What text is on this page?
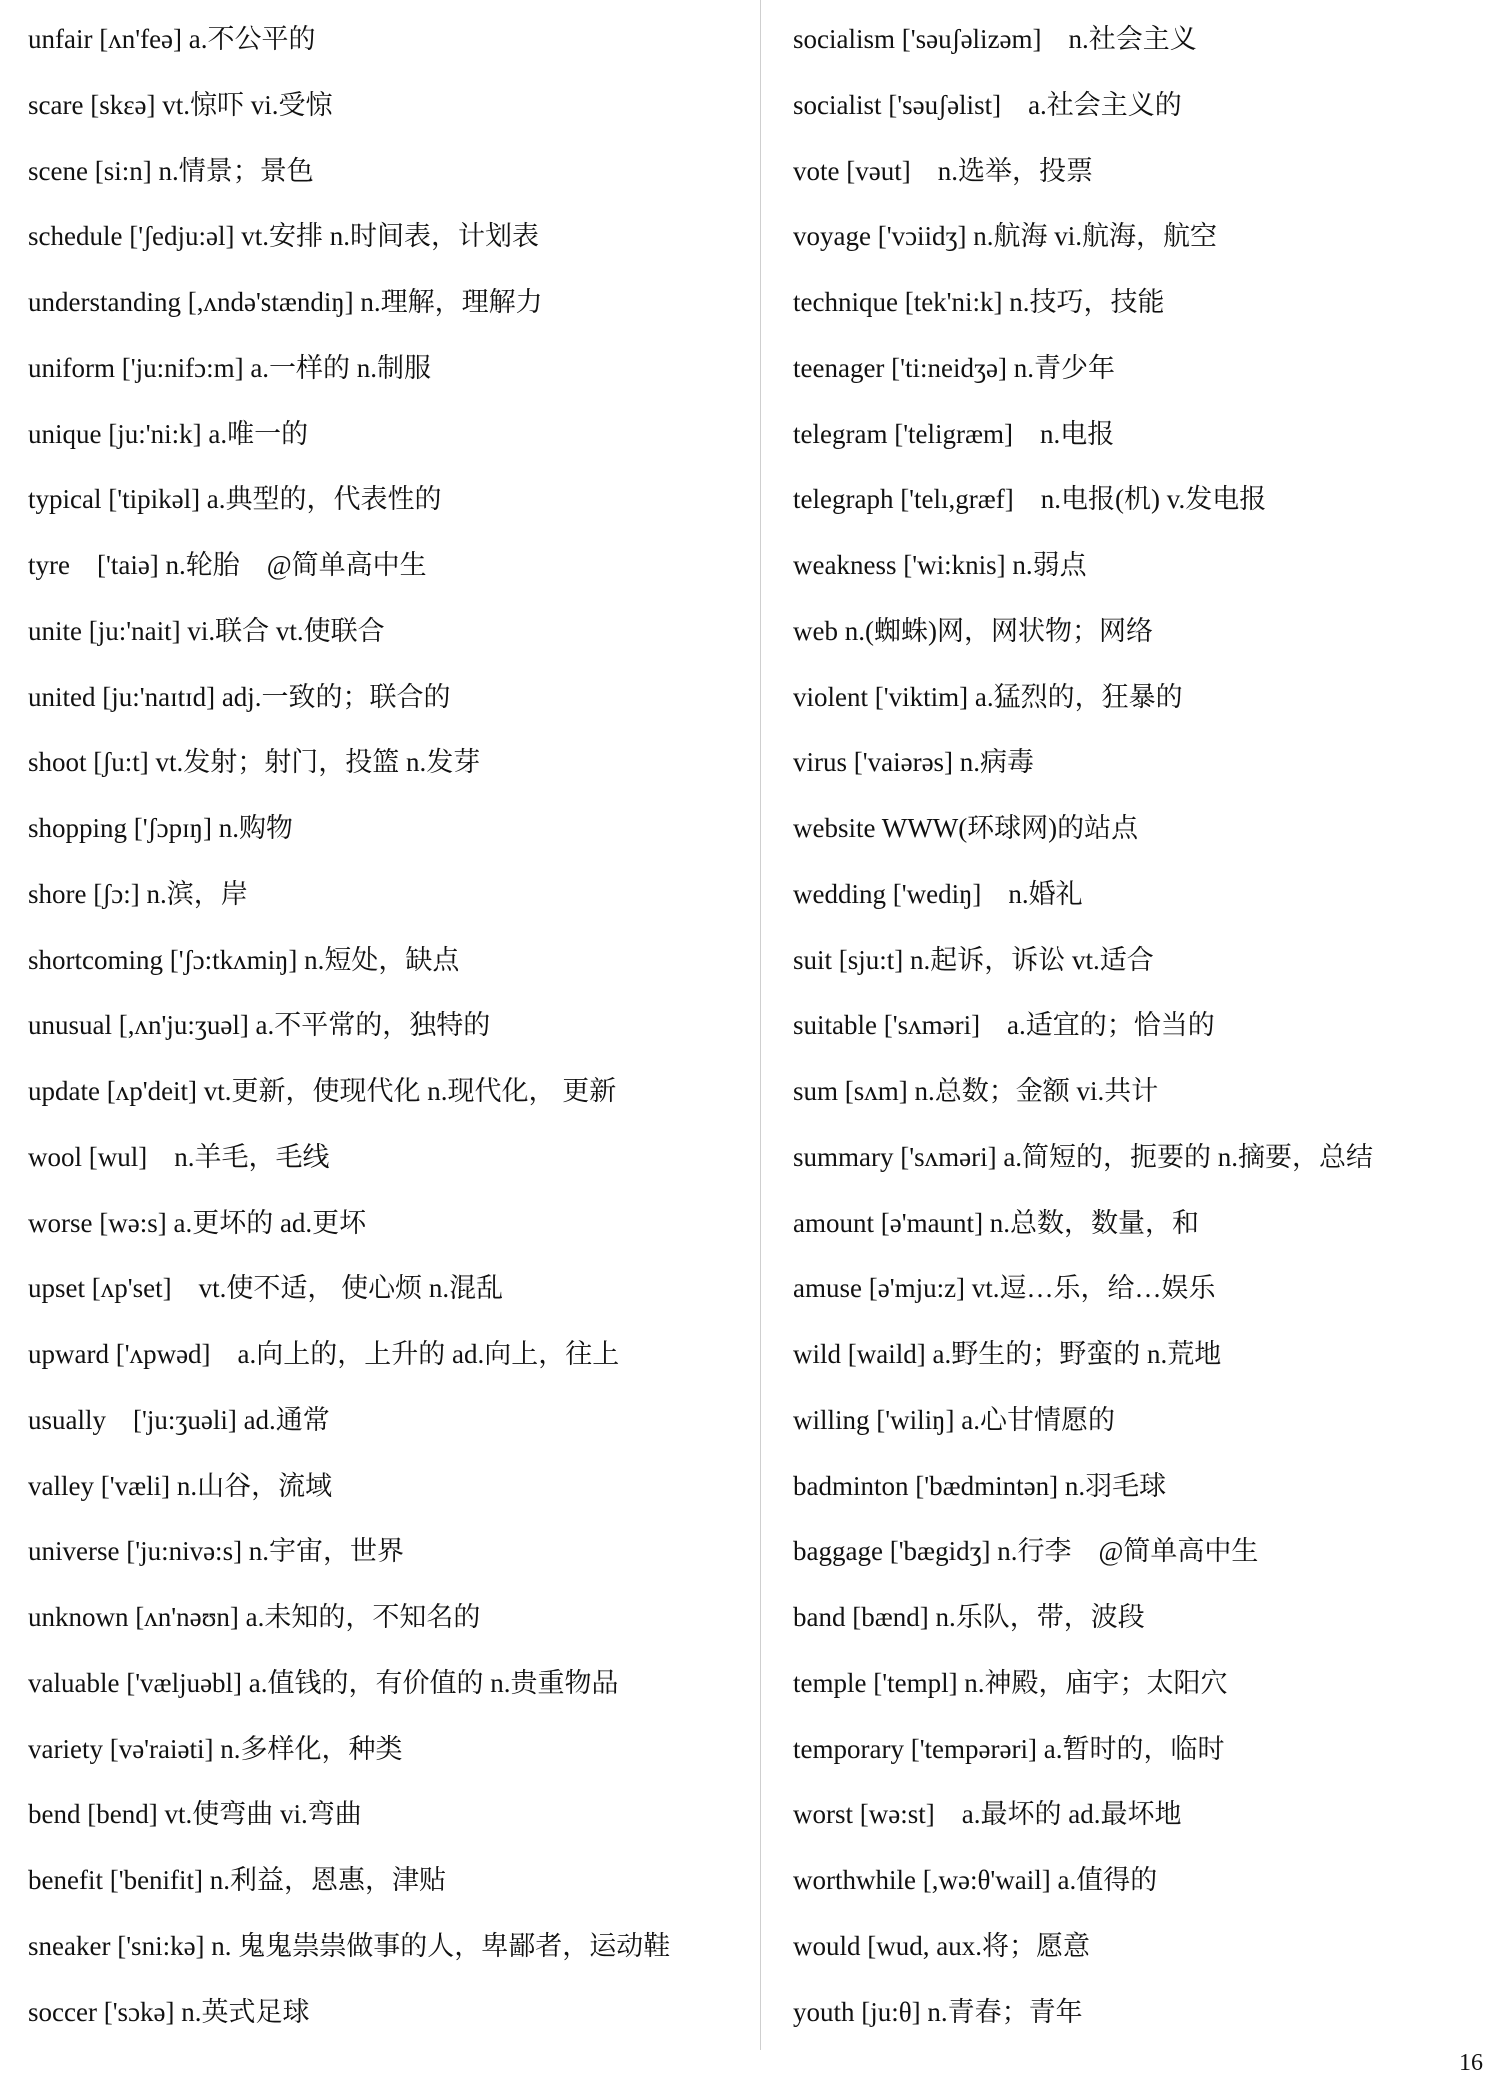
unfair [ʌn'feə] a.不公平的
scare [skεə] vt.惊吓 vi.受惊
scene [si:n] n.情景；景色
schedule ['ʃedju:əl] vt.安排 n.时间表，计划表
understanding [,ʌndə'stændiŋ] n.理解，理解力
uniform ['ju:nifɔ:m] a.一样的 n.制服
unique [ju:'ni:k] a.唯一的
typical ['tipikəl] a.典型的，代表性的
tyre    ['taiə] n.轮胎    @简单高中生
unite [ju:'nait] vi.联合 vt.使联合
united [ju:'naɪtɪd] adj.一致的；联合的
shoot [ʃu:t] vt.发射；射门，投篮 n.发芽
shopping ['ʃɔpɪŋ] n.购物
shore [ʃɔ:] n.滨，岸
shortcoming ['ʃɔ:tkʌmiŋ] n.短处，缺点
unusual [,ʌn'ju:ʒuəl] a.不平常的，独特的
update [ʌp'deit] vt.更新，使现代化 n.现代化， 更新
wool [wul]    n.羊毛，毛线
worse [wə:s] a.更坏的 ad.更坏
upset [ʌp'set]    vt.使不适， 使心烦 n.混乱
upward ['ʌpwəd]    a.向上的，上升的 ad.向上，往上
usually    ['ju:ʒuəli] ad.通常
valley ['væli] n.山谷，流域
universe ['ju:nivə:s] n.宇宙，世界
unknown [ʌn'nəʊn] a.未知的，不知名的
valuable ['væljuəbl] a.值钱的，有价值的 n.贵重物品
variety [və'raiəti] n.多样化，种类
bend [bend] vt.使弯曲 vi.弯曲
benefit ['benifit] n.利益，恩惠，津贴
sneaker ['sni:kə] n. 鬼鬼祟祟做事的人，卑鄙者，运动鞋
soccer ['sɔkə] n.英式足球
socialism ['səuʃəlizəm]    n.社会主义
socialist ['səuʃəlist]    a.社会主义的
vote [vəut]    n.选举，投票
voyage ['vɔiidʒ] n.航海 vi.航海，航空
technique [tek'ni:k] n.技巧，技能
teenager ['ti:neidʒə] n.青少年
telegram ['teligræm]    n.电报
telegraph ['telı,græf]    n.电报(机) v.发电报
weakness ['wi:knis] n.弱点
web n.(蜘蛛)网，网状物；网络
violent ['viktim] a.猛烈的，狂暴的
virus ['vaiərəs] n.病毒
website WWW(环球网)的站点
wedding ['wediŋ]    n.婚礼
suit [sju:t] n.起诉，诉讼 vt.适合
suitable ['sʌməri]    a.适宜的；恰当的
sum [sʌm] n.总数；金额 vi.共计
summary ['sʌməri] a.简短的，扼要的 n.摘要，总结
amount [ə'maunt] n.总数，数量，和
amuse [ə'mju:z] vt.逗…乐，给…娱乐
wild [waild] a.野生的；野蛮的 n.荒地
willing ['wiliŋ] a.心甘情愿的
badminton ['bædmintən] n.羽毛球
baggage ['bægidʒ] n.行李    @简单高中生
band [bænd] n.乐队，带，波段
temple ['templ] n.神殿，庙宇；太阳穴
temporary ['tempərəri] a.暂时的，临时
worst [wə:st]    a.最坏的 ad.最坏地
worthwhile [,wə:θ'wail] a.值得的
would [wud, aux.将；愿意
youth [ju:θ] n.青春；青年
16
